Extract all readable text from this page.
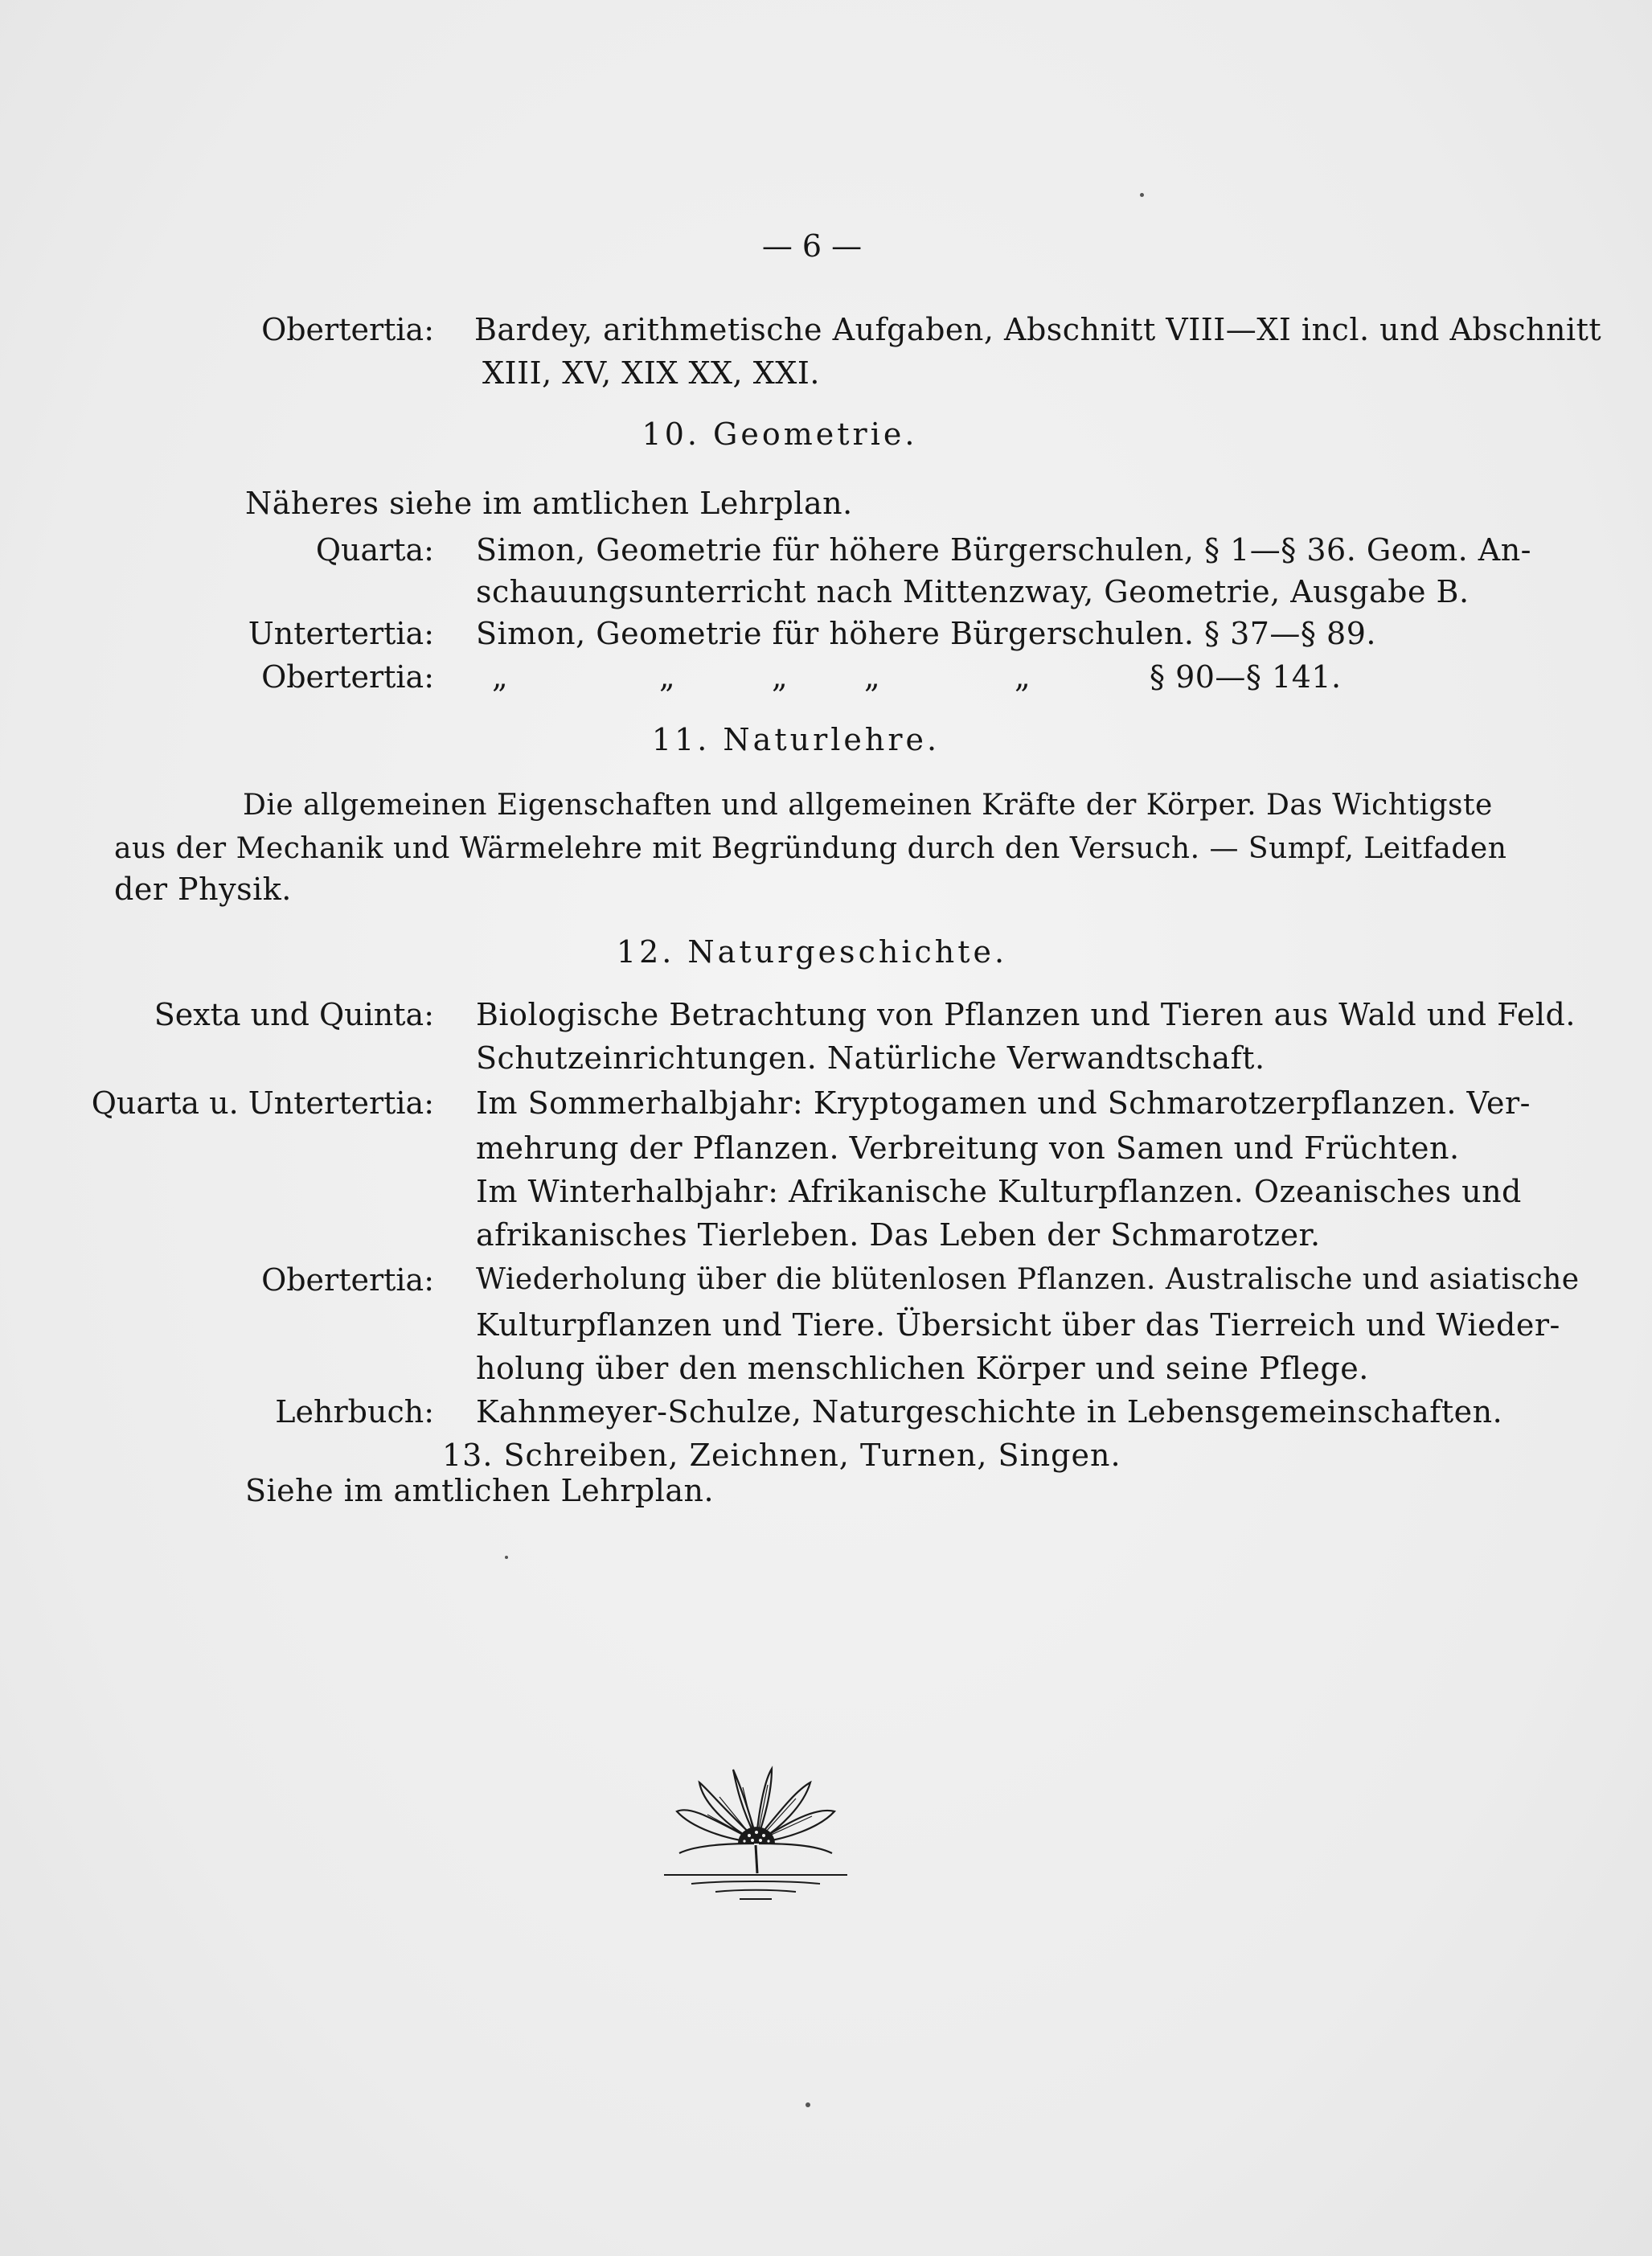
— 6 —
Obertertia: Bardey, arithmetische Aufgaben, Abschnitt VIII—XI incl. und Abschnitt
XIII, XV, XIX XX, XXI.
10. Geometrie.
Näheres siehe im amtlichen Lehrplan.
Quarta: Simon, Geometrie für höhere Bürgerschulen, § 1—§ 36. Geom. An-
schauungsunterricht nach Mittenzway, Geometrie, Ausgabe B.
Untertertia: Simon, Geometrie für höhere Bürgerschulen. § 37—§ 89.
Obertertia: „	„	„ „	„	§ 90—§ 141.
11. Naturlehre.
Die allgemeinen Eigenschaften und allgemeinen Kräfte der Körper. Das Wichtigste
aus der Mechanik und Wärmelehre mit Begründung durch den Versuch. — Sumpf, Leitfaden
der Physik.
12. Naturgeschichte.
Sexta und Quinta: Biologische Betrachtung von Pflanzen und Tieren aus Wald und Feld.
Schutzeinrichtungen. Natürliche Verwandtschaft.
Quarta u. Untertertia: Im Sommerhalbjahr: Kryptogamen und Schmarotzerpflanzen. Ver-
mehrung der Pflanzen. Verbreitung von Samen und Früchten.
Im Winterhalbjahr: Afrikanische Kulturpflanzen. Ozeanisches und
afrikanisches Tierleben. Das Leben der Schmarotzer.
Obertertia: Wiederholung über die blütenlosen Pflanzen. Australische und asiatische
Kulturpflanzen und Tiere. Übersicht über das Tierreich und Wieder-
holung über den menschlichen Körper und seine Pflege.
Lehrbuch: Kahnmeyer-Schulze, Naturgeschichte in Lebensgemeinschaften.
13. Schreiben, Zeichnen, Turnen, Singen.
Siehe im amtlichen Lehrplan.
